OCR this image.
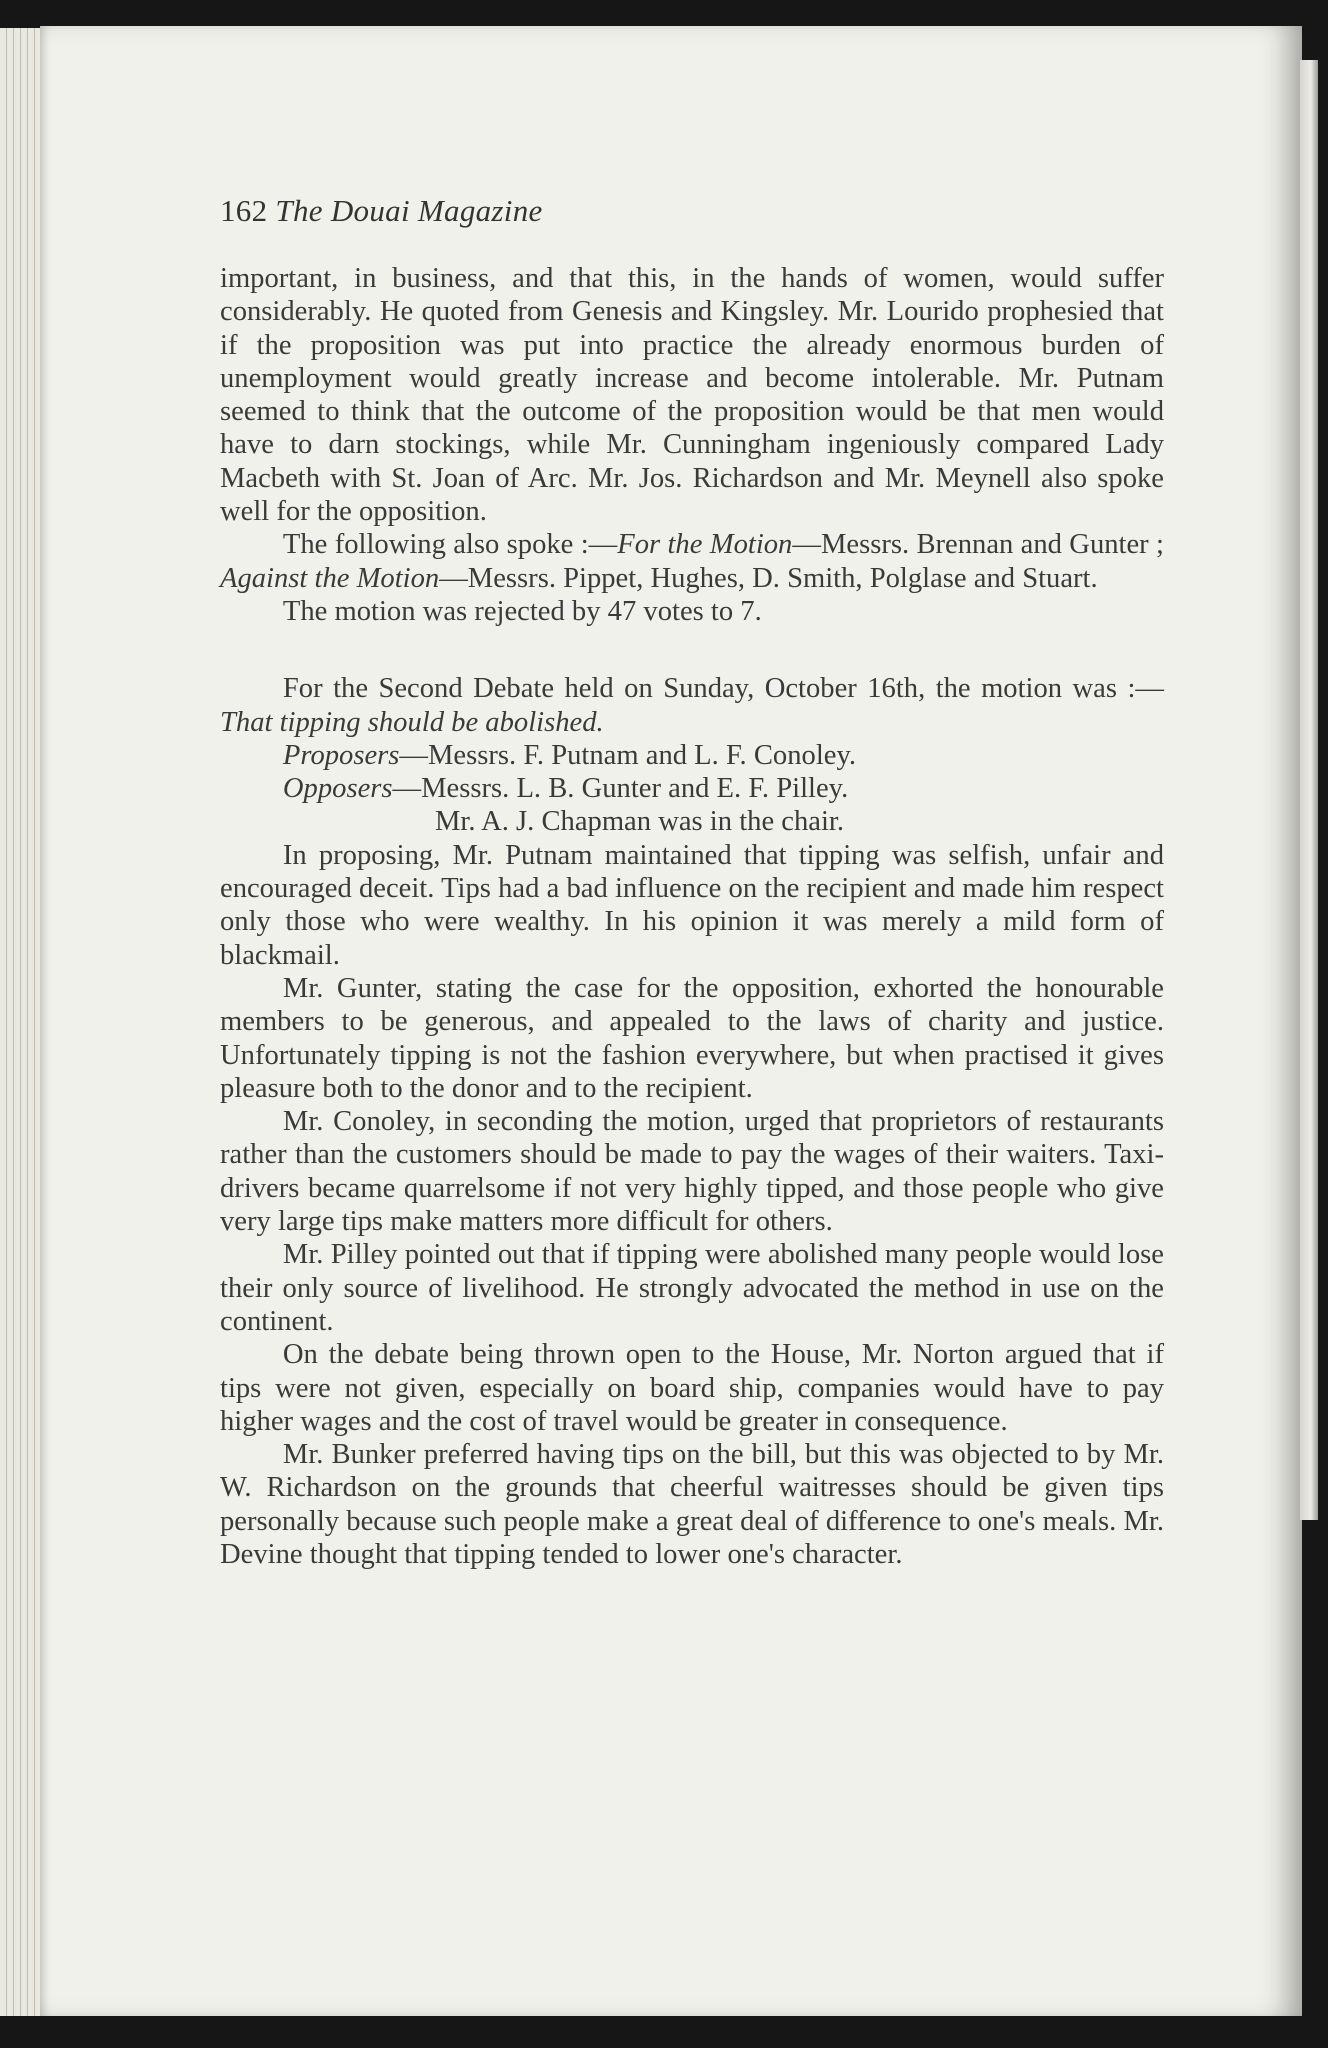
162 The Douai Magazine

important, in business, and that this, in the hands of women, would suffer considerably. He quoted from Genesis and Kingsley. Mr. Lourido prophesied that if the proposition was put into practice the already enormous burden of unemployment would greatly increase and become intolerable. Mr. Putnam seemed to think that the outcome of the proposition would be that men would have to darn stockings, while Mr. Cunningham ingeniously compared Lady Macbeth with St. Joan of Arc. Mr. Jos. Richardson and Mr. Meynell also spoke well for the opposition.

The following also spoke :—For the Motion—Messrs. Brennan and Gunter ; Against the Motion—Messrs. Pippet, Hughes, D. Smith, Polglase and Stuart.

The motion was rejected by 47 votes to 7.

For the Second Debate held on Sunday, October 16th, the motion was :—That tipping should be abolished.

Proposers—Messrs. F. Putnam and L. F. Conoley.

Opposers—Messrs. L. B. Gunter and E. F. Pilley.

Mr. A. J. Chapman was in the chair.

In proposing, Mr. Putnam maintained that tipping was selfish, unfair and encouraged deceit. Tips had a bad influence on the recipient and made him respect only those who were wealthy. In his opinion it was merely a mild form of blackmail.

Mr. Gunter, stating the case for the opposition, exhorted the honourable members to be generous, and appealed to the laws of charity and justice. Unfortunately tipping is not the fashion everywhere, but when practised it gives pleasure both to the donor and to the recipient.

Mr. Conoley, in seconding the motion, urged that proprietors of restaurants rather than the customers should be made to pay the wages of their waiters. Taxi-drivers became quarrelsome if not very highly tipped, and those people who give very large tips make matters more difficult for others.

Mr. Pilley pointed out that if tipping were abolished many people would lose their only source of livelihood. He strongly advocated the method in use on the continent.

On the debate being thrown open to the House, Mr. Norton argued that if tips were not given, especially on board ship, companies would have to pay higher wages and the cost of travel would be greater in consequence.

Mr. Bunker preferred having tips on the bill, but this was objected to by Mr. W. Richardson on the grounds that cheerful waitresses should be given tips personally because such people make a great deal of difference to one's meals. Mr. Devine thought that tipping tended to lower one's character.
